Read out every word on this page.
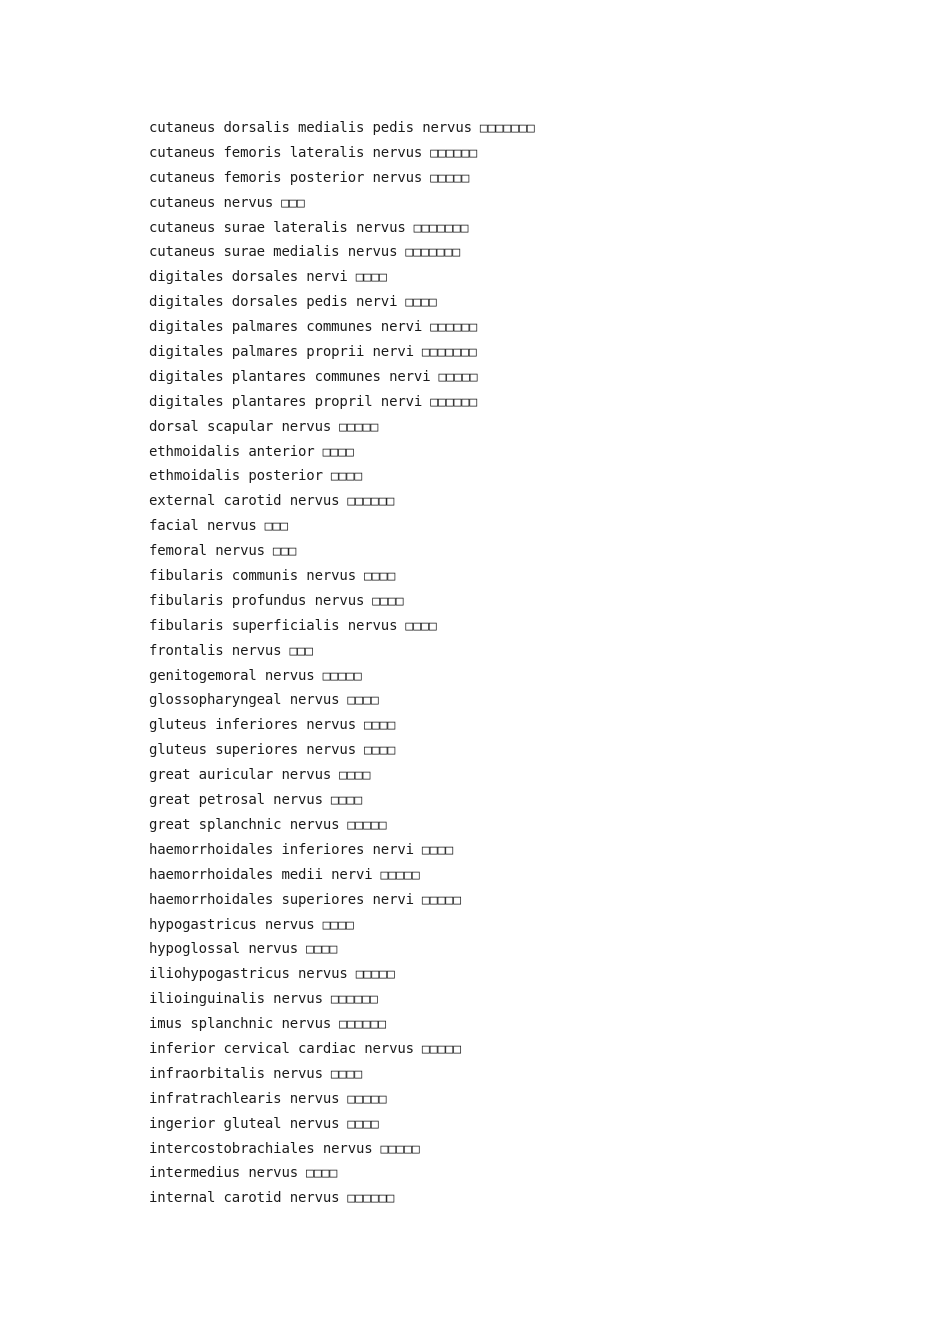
cutaneus dorsalis medialis pedis nervus □□□□□□□
cutaneus femoris lateralis nervus □□□□□□
cutaneus femoris posterior nervus □□□□□
cutaneus nervus □□□
cutaneus surae lateralis nervus □□□□□□□
cutaneus surae medialis nervus □□□□□□□
digitales dorsales nervi □□□□
digitales dorsales pedis nervi □□□□
digitales palmares communes nervi □□□□□□
digitales palmares proprii nervi □□□□□□□
digitales plantares communes nervi □□□□□
digitales plantares propril nervi □□□□□□
dorsal scapular nervus □□□□□
ethmoidalis anterior □□□□
ethmoidalis posterior □□□□
external carotid nervus □□□□□□
facial nervus □□□
femoral nervus □□□
fibularis communis nervus □□□□
fibularis profundus nervus □□□□
fibularis superficialis nervus □□□□
frontalis nervus □□□
genitogemoral nervus □□□□□
glossopharyngeal nervus □□□□
gluteus inferiores nervus □□□□
gluteus superiores nervus □□□□
great auricular nervus □□□□
great petrosal nervus □□□□
great splanchnic nervus □□□□□
haemorrhoidales inferiores nervi □□□□
haemorrhoidales medii nervi □□□□□
haemorrhoidales superiores nervi □□□□□
hypogastricus nervus □□□□
hypoglossal nervus □□□□
iliohypogastricus nervus □□□□□
ilioinguinalis nervus □□□□□□
imus splanchnic nervus □□□□□□
inferior cervical cardiac nervus □□□□□
infraorbitalis nervus □□□□
infratrachlearis nervus □□□□□
ingerior gluteal nervus □□□□
intercostobrachiales nervus □□□□□
intermedius nervus □□□□
internal carotid nervus □□□□□□
